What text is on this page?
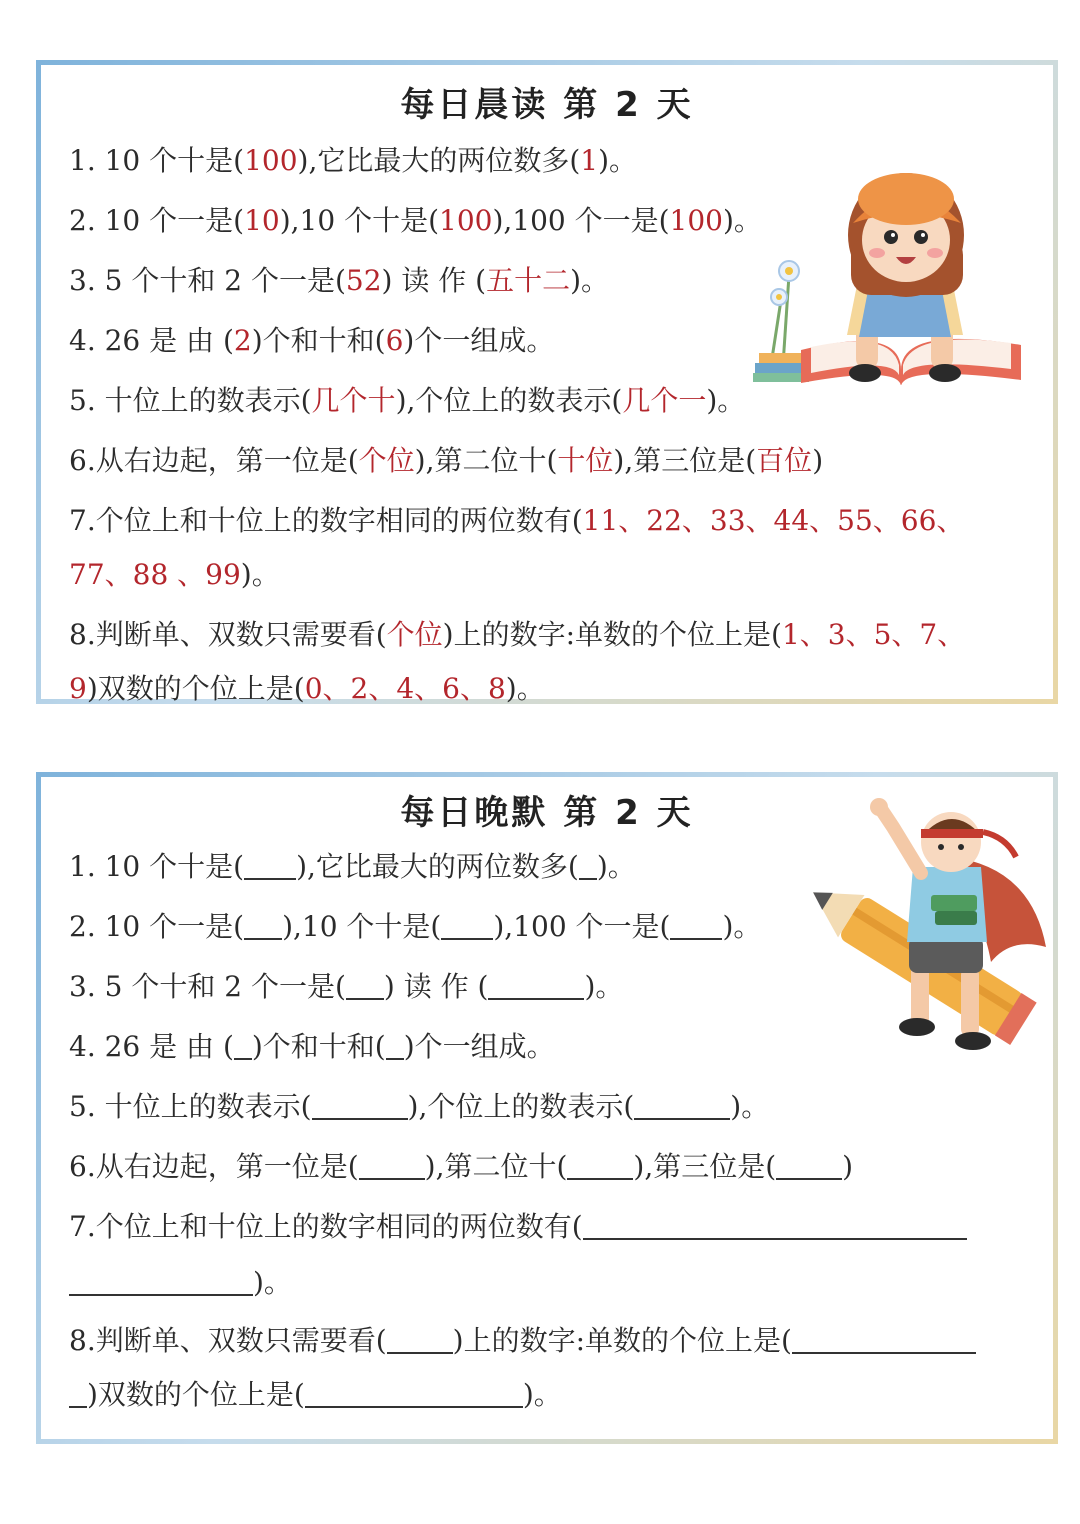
每日晨读 第 2 天
1. 10 个十是(100),它比最大的两位数多(1)。
2. 10 个一是(10),10 个十是(100),100 个一是(100)。
3. 5 个十和 2 个一是(52) 读 作 (五十二)。
4. 26 是 由 (2)个和十和(6)个一组成。
5. 十位上的数表示(几个十),个位上的数表示(几个一)。
6.从右边起，第一位是(个位),第二位十(十位),第三位是(百位)
7.个位上和十位上的数字相同的两位数有(11、22、33、44、55、66、
77、88 、99)。
8.判断单、双数只需要看(个位)上的数字:单数的个位上是(1、3、5、7、
9)双数的个位上是(0、2、4、6、8)。
每日晚默 第 2 天
1. 10 个十是( ),它比最大的两位数多( )。
2. 10 个一是( ),10 个十是( ),100 个一是( )。
3. 5 个十和 2 个一是( ) 读 作 (	)。
4. 26 是 由 ( )个和十和( )个一组成。
5. 十位上的数表示(	),个位上的数表示(	)。
6.从右边起，第一位是( ),第二位十( ),第三位是( )
7.个位上和十位上的数字相同的两位数有(
)。
8.判断单、双数只需要看( )上的数字:单数的个位上是(
)双数的个位上是(	)。
